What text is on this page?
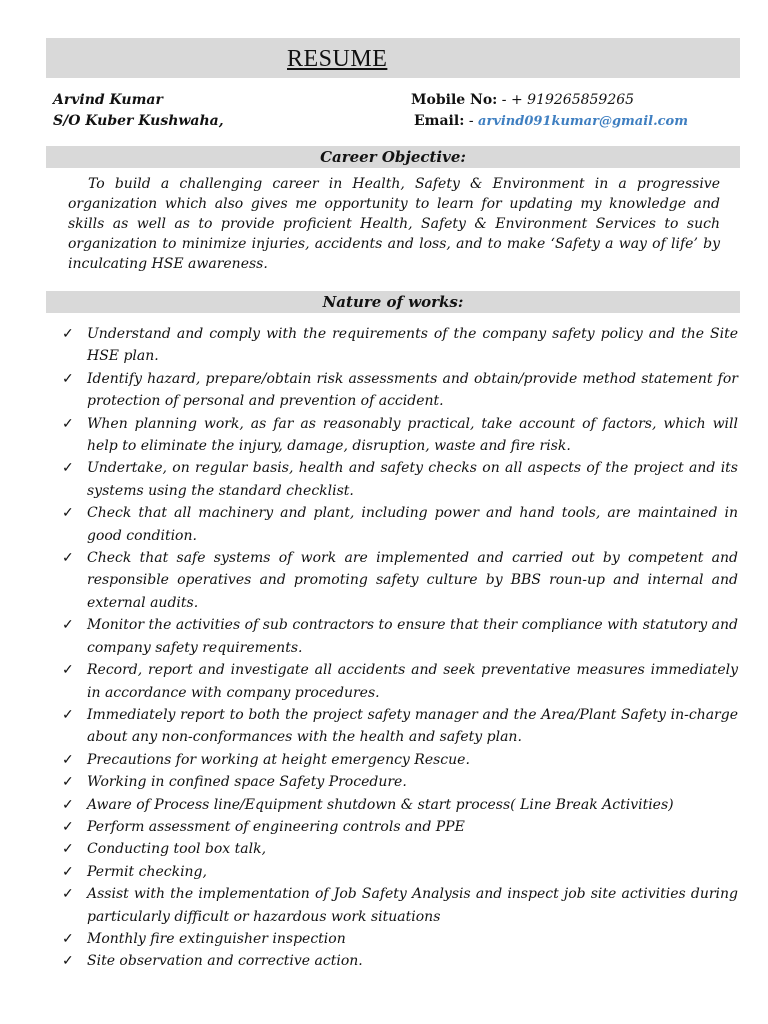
RESUME
Arvind Kumar
S/O Kuber Kushwaha,
Mobile No: - + 919265859265
Email: - arvind091kumar@gmail.com
Career Objective:

To build a challenging career in Health, Safety & Environment in a progressive organization which also gives me opportunity to learn for updating my knowledge and skills as well as to provide proficient Health, Safety & Environment Services to such organization to minimize injuries, accidents and loss, and to make ‘Safety a way of life’ by inculcating HSE awareness.

Nature of works:
✓ Understand and comply with the requirements of the company safety policy and the Site HSE plan.
✓ Identify hazard, prepare/obtain risk assessments and obtain/provide method statement for protection of personal and prevention of accident.
✓ When planning work, as far as reasonably practical, take account of factors, which will help to eliminate the injury, damage, disruption, waste and fire risk.
✓ Undertake, on regular basis, health and safety checks on all aspects of the project and its systems using the standard checklist.
✓ Check that all machinery and plant, including power and hand tools, are maintained in good condition.
✓ Check that safe systems of work are implemented and carried out by competent and responsible operatives and promoting safety culture by BBS roun-up and internal and external audits.
✓ Monitor the activities of sub contractors to ensure that their compliance with statutory and company safety requirements.
✓ Record, report and investigate all accidents and seek preventative measures immediately in accordance with company procedures.
✓ Immediately report to both the project safety manager and the Area/Plant Safety in-charge about any non-conformances with the health and safety plan.
✓ Precautions for working at height emergency Rescue.
✓ Working in confined space Safety Procedure.
✓ Aware of Process line/Equipment shutdown & start process( Line Break Activities)
✓ Perform assessment of engineering controls and PPE
✓ Conducting tool box talk,
✓ Permit checking,
✓ Assist with the implementation of Job Safety Analysis and inspect job site activities during particularly difficult or hazardous work situations
✓ Monthly fire extinguisher inspection
✓ Site observation and corrective action.
